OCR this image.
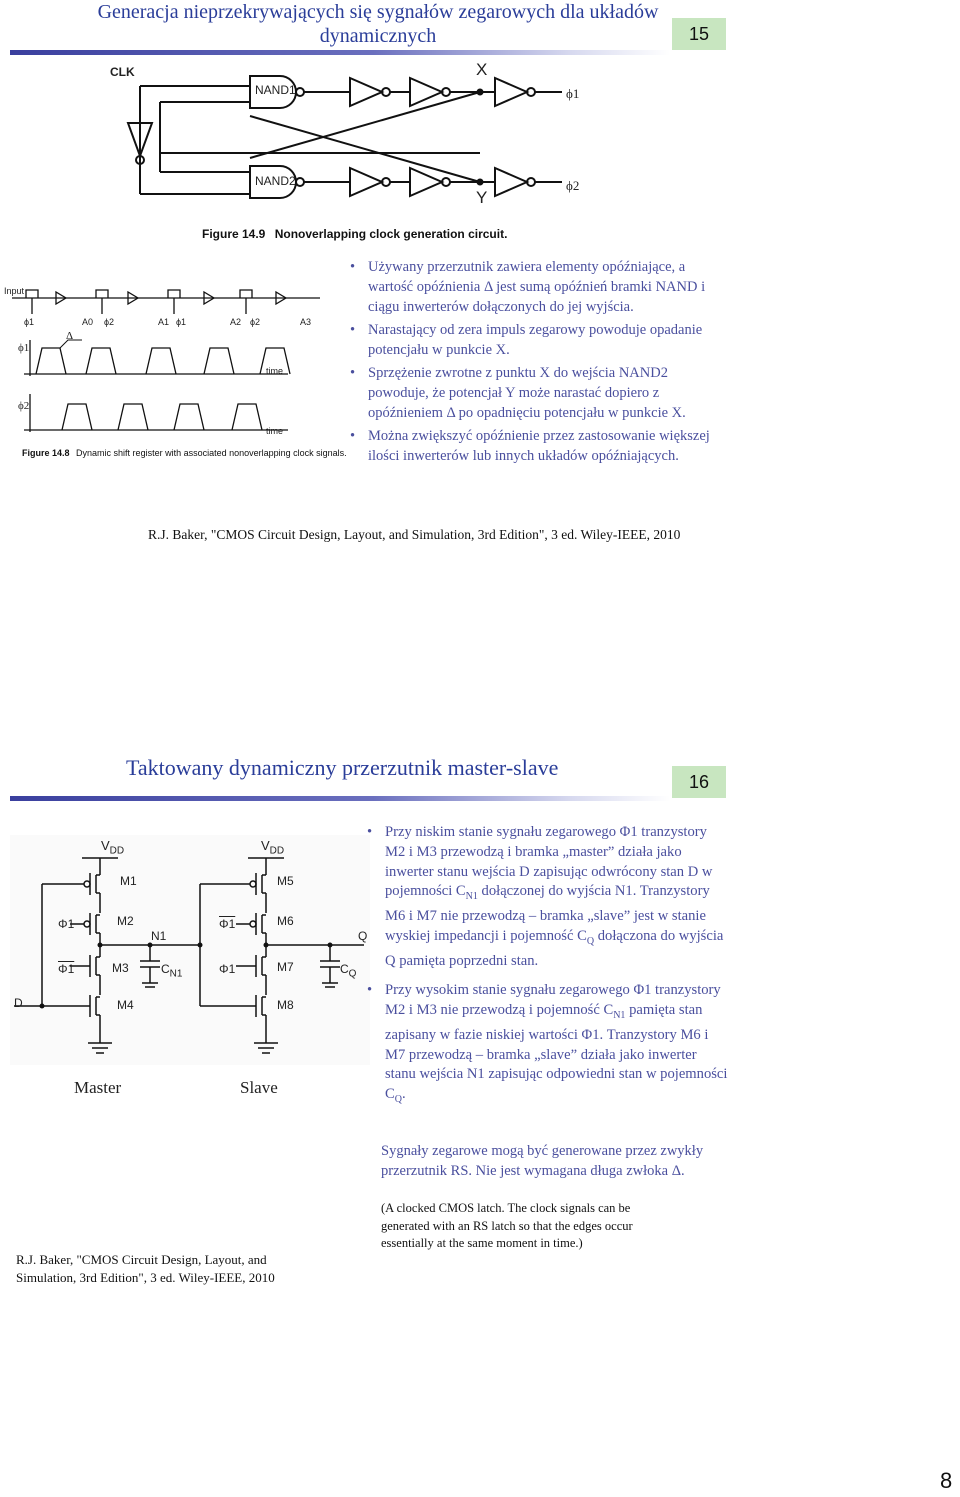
Generacja nieprzekrywających się sygnałów zegarowych dla układów dynamicznych	15
CLK
NAND1
NAND2
X
Y
ϕ1
ϕ2
Figure 14.9 Nonoverlapping clock generation circuit.
Input
ϕ1	A0 ϕ2	A1 ϕ1	A2 ϕ2	A3
ϕ1
Δ
time
ϕ2
time
Figure 14.8 Dynamic shift register with associated nonoverlapping clock signals.
• Używany przerzutnik zawiera elementy opóźniające, a wartość opóźnienia Δ jest sumą opóźnień bramki NAND i ciągu inwerterów dołączonych do jej wyjścia.
• Narastający od zera impuls zegarowy powoduje opadanie potencjału w punkcie X.
• Sprzężenie zwrotne z punktu X do wejścia NAND2 powoduje, że potencjał Y może narastać dopiero z opóźnieniem Δ po opadnięciu potencjału w punkcie X.
• Można zwiększyć opóźnienie przez zastosowanie większej ilości inwerterów lub innych układów opóźniających.
R.J. Baker, "CMOS Circuit Design, Layout, and Simulation, 3rd Edition", 3 ed. Wiley-IEEE, 2010
Taktowany dynamiczny przerzutnik master-slave
16
$V_{DD}$	$V_{DD}$
M1
M2
M3
M4
M5
M6
M7
M8
Φ1
Φ1
Φ1
Φ1
N1
$C_{N1}$
Q
$C_Q$
D
Master	Slave
• Przy niskim stanie sygnału zegarowego Φ1 tranzystory M2 i M3 przewodzą i bramka „master” działa jako inwerter stanu wejścia D zapisując odwrócony stan D w pojemności $C_{N1}$ dołączonej do wyjścia N1. Tranzystory M6 i M7 nie przewodzą – bramka „slave” jest w stanie wyskiej impedancji i pojemność $C_Q$ dołączona do wyjścia Q pamięta poprzedni stan.
• Przy wysokim stanie sygnału zegarowego Φ1 tranzystory M2 i M3 nie przewodzą i pojemność $C_{N1}$ pamięta stan zapisany w fazie niskiej wartości Φ1. Tranzystory M6 i M7 przewodzą – bramka „slave” działa jako inwerter stanu wejścia N1 zapisując odpowiedni stan w pojemności $C_Q$.
Sygnały zegarowe mogą być generowane przez zwykły przerzutnik RS. Nie jest wymagana długa zwłoka Δ.
(A clocked CMOS latch. The clock signals can be generated with an RS latch so that the edges occur essentially at the same moment in time.)
R.J. Baker, "CMOS Circuit Design, Layout, and Simulation, 3rd Edition", 3 ed. Wiley-IEEE, 2010
8
